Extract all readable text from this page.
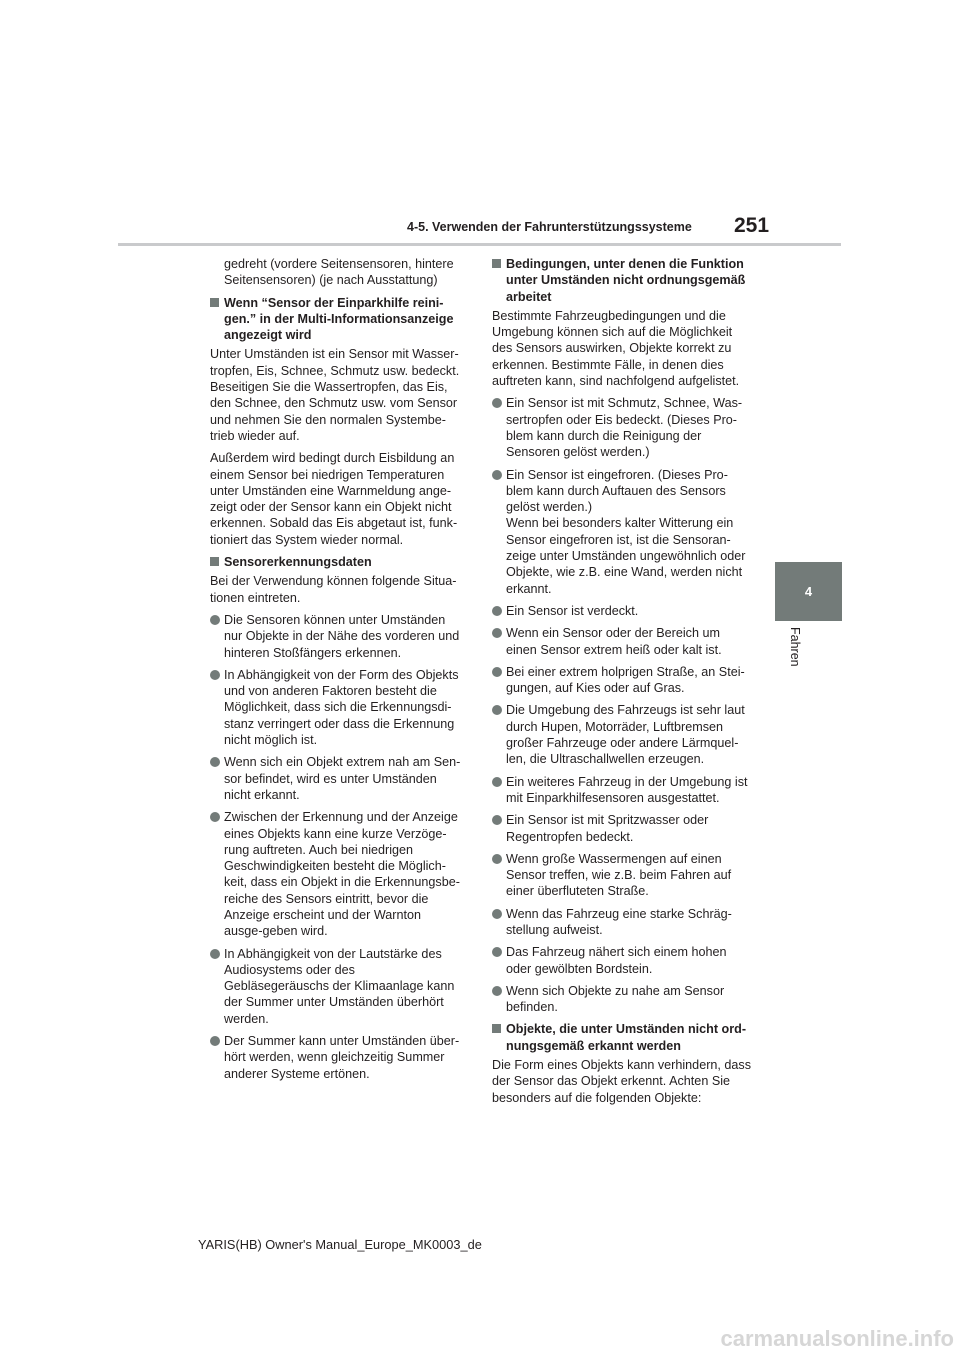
4-5. Verwenden der Fahrunterstützungssysteme 251
4
Fahren

gedreht (vordere Seitensensoren, hintere Seitensensoren) (je nach Ausstattung)

Wenn “Sensor der Einparkhilfe reini-gen.” in der Multi-Informationsanzeige angezeigt wird

Unter Umständen ist ein Sensor mit Wasser-tropfen, Eis, Schnee, Schmutz usw. bedeckt. Beseitigen Sie die Wassertropfen, das Eis, den Schnee, den Schmutz usw. vom Sensor und nehmen Sie den normalen Systembe-trieb wieder auf.

Außerdem wird bedingt durch Eisbildung an einem Sensor bei niedrigen Temperaturen unter Umständen eine Warnmeldung ange-zeigt oder der Sensor kann ein Objekt nicht erkennen. Sobald das Eis abgetaut ist, funk-tioniert das System wieder normal.

Sensorerkennungsdaten

Bei der Verwendung können folgende Situa-tionen eintreten.

Die Sensoren können unter Umständen nur Objekte in der Nähe des vorderen und hinteren Stoßfängers erkennen.
In Abhängigkeit von der Form des Objekts und von anderen Faktoren besteht die Möglichkeit, dass sich die Erkennungsdi-stanz verringert oder dass die Erkennung nicht möglich ist.
Wenn sich ein Objekt extrem nah am Sen-sor befindet, wird es unter Umständen nicht erkannt.
Zwischen der Erkennung und der Anzeige eines Objekts kann eine kurze Verzöge-rung auftreten. Auch bei niedrigen Geschwindigkeiten besteht die Möglich-keit, dass ein Objekt in die Erkennungsbe-reiche des Sensors eintritt, bevor die Anzeige erscheint und der Warnton ausge-geben wird.
In Abhängigkeit von der Lautstärke des Audiosystems oder des Gebläsegeräuschs der Klimaanlage kann der Summer unter Umständen überhört werden.
Der Summer kann unter Umständen über-hört werden, wenn gleichzeitig Summer anderer Systeme ertönen.
Bedingungen, unter denen die Funktion unter Umständen nicht ordnungsgemäß arbeitet

Bestimmte Fahrzeugbedingungen und die Umgebung können sich auf die Möglichkeit des Sensors auswirken, Objekte korrekt zu erkennen. Bestimmte Fälle, in denen dies auftreten kann, sind nachfolgend aufgelistet.

Ein Sensor ist mit Schmutz, Schnee, Was-sertropfen oder Eis bedeckt. (Dieses Pro-blem kann durch die Reinigung der Sensoren gelöst werden.)
Ein Sensor ist eingefroren. (Dieses Pro-blem kann durch Auftauen des Sensors gelöst werden.)
Wenn bei besonders kalter Witterung ein Sensor eingefroren ist, ist die Sensoran-zeige unter Umständen ungewöhnlich oder Objekte, wie z.B. eine Wand, werden nicht erkannt.
Ein Sensor ist verdeckt.
Wenn ein Sensor oder der Bereich um einen Sensor extrem heiß oder kalt ist.
Bei einer extrem holprigen Straße, an Stei-gungen, auf Kies oder auf Gras.
Die Umgebung des Fahrzeugs ist sehr laut durch Hupen, Motorräder, Luftbremsen großer Fahrzeuge oder andere Lärmquel-len, die Ultraschallwellen erzeugen.
Ein weiteres Fahrzeug in der Umgebung ist mit Einparkhilfesensoren ausgestattet.
Ein Sensor ist mit Spritzwasser oder Regentropfen bedeckt.
Wenn große Wassermengen auf einen Sensor treffen, wie z.B. beim Fahren auf einer überfluteten Straße.
Wenn das Fahrzeug eine starke Schräg-stellung aufweist.
Das Fahrzeug nähert sich einem hohen oder gewölbten Bordstein.
Wenn sich Objekte zu nahe am Sensor befinden.
Objekte, die unter Umständen nicht ord-nungsgemäß erkannt werden

Die Form eines Objekts kann verhindern, dass der Sensor das Objekt erkennt. Achten Sie besonders auf die folgenden Objekte:

YARIS(HB) Owner's Manual_Europe_MK0003_de
carmanualsonline.info
